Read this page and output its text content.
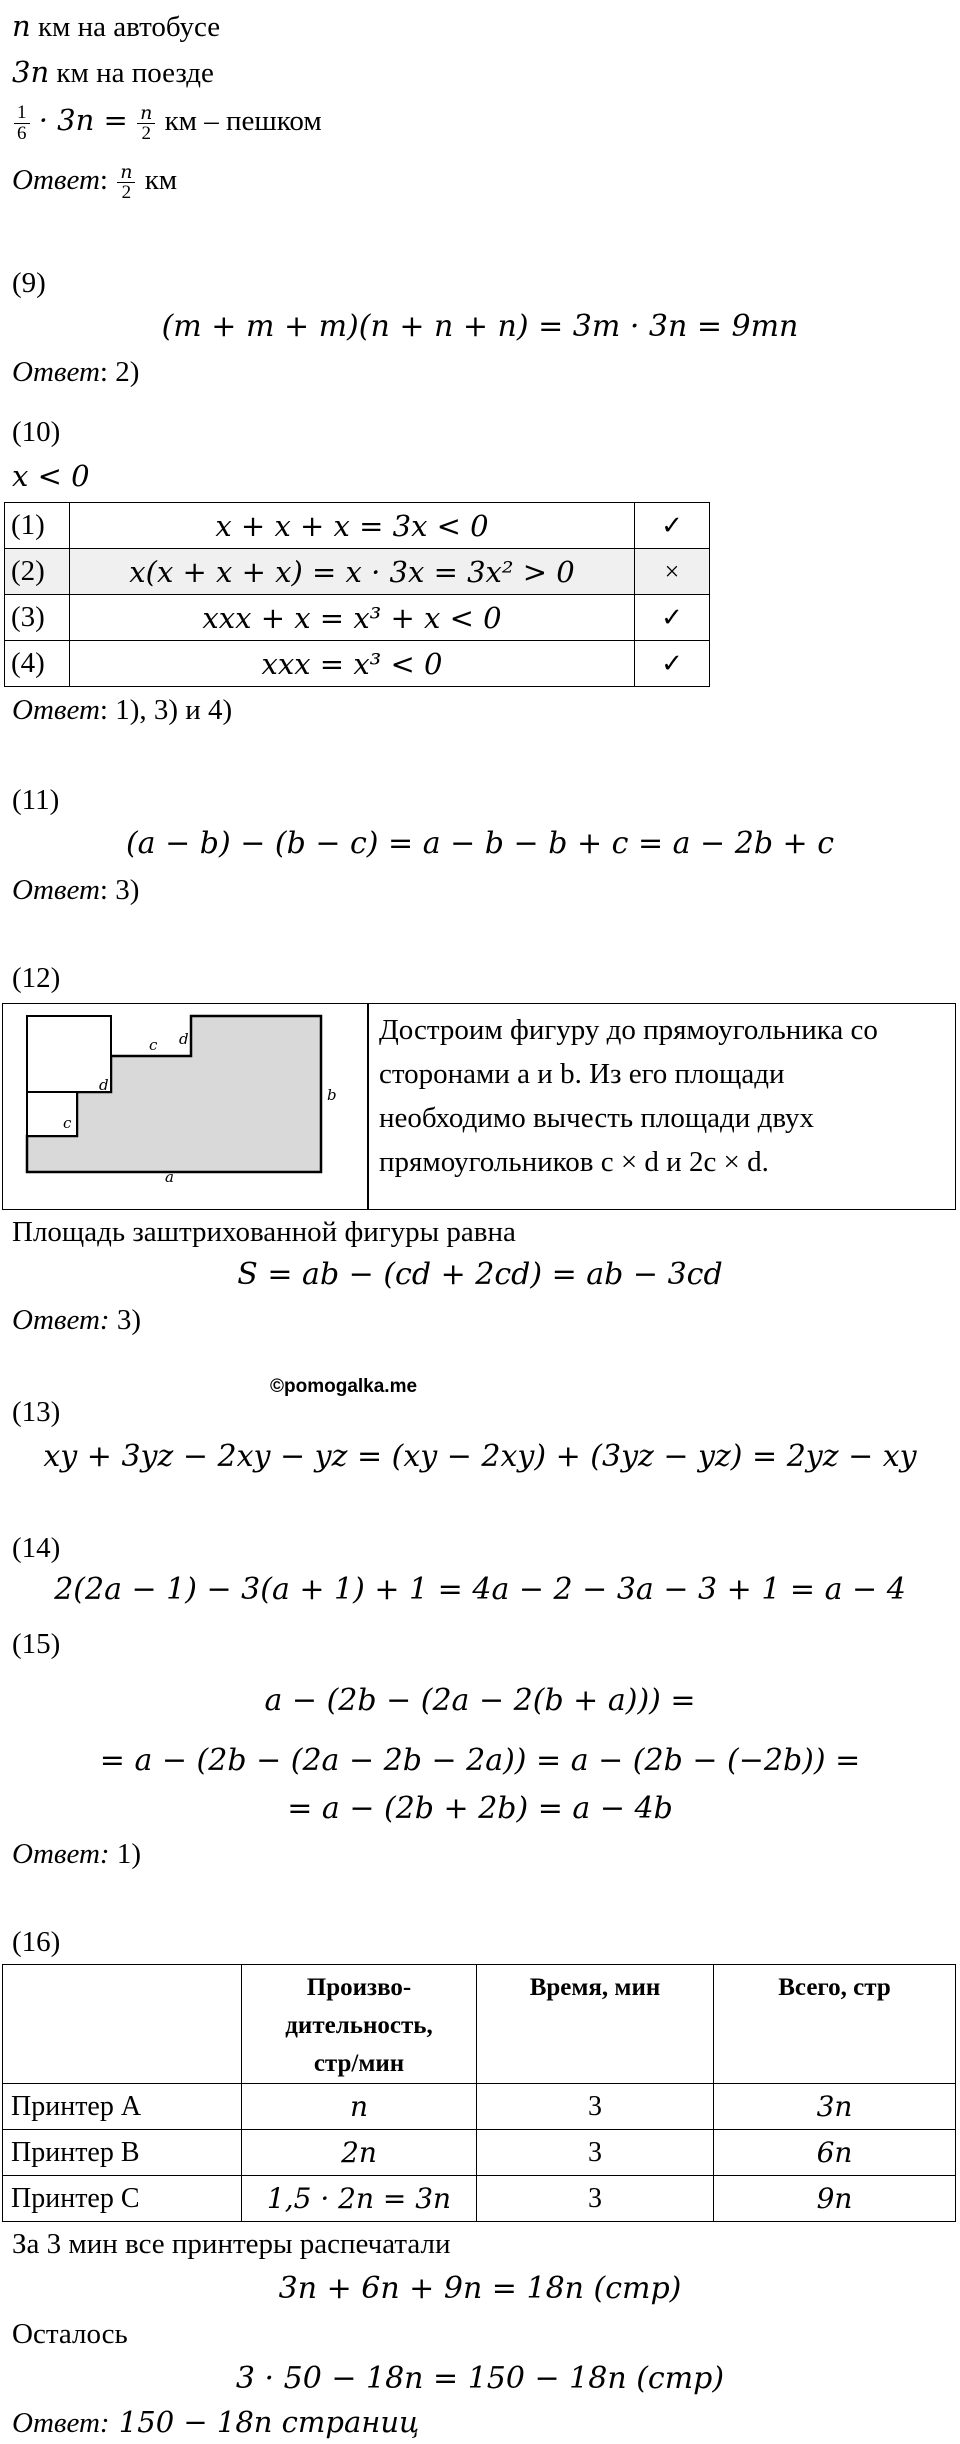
n км на автобусе
3n км на поезде
$\frac{1}{6} \cdot 3n = \frac{n}{2}$ км – пешком
Ответ: $\frac{n}{2}$ км
(9)
(m + m + m)(n + n + n) = 3m · 3n = 9mn
Ответ: 2)
(10)
x < 0
(1)	x + x + x = 3x < 0	✓
(2)	x(x + x + x) = x · 3x = 3x² > 0	×
(3)	xxx + x = x³ + x < 0	✓
(4)	xxx = x³ < 0	✓
Ответ: 1), 3) и 4)
(11)
(a − b) − (b − c) = a − b − b + c = a − 2b + c
Ответ: 3)
(12)
a
b
c d
c
d
Достроим фигуру до прямоугольника со
сторонами a и b. Из его площади
необходимо вычесть площади двух
прямоугольников c × d и 2c × d.
Площадь заштрихованной фигуры равна
S = ab − (cd + 2cd) = ab − 3cd
Ответ: 3)
©pomogalka.me
(13)
xy + 3yz − 2xy − yz = (xy − 2xy) + (3yz − yz) = 2yz − xy
(14)
2(2a − 1) − 3(a + 1) + 1 = 4a − 2 − 3a − 3 + 1 = a − 4
(15)
a − (2b − (2a − 2(b + a))) =
= a − (2b − (2a − 2b − 2a)) = a − (2b − (−2b)) =
= a − (2b + 2b) = a − 4b
Ответ: 1)
(16)
	Произво-
дительность,
стр/мин	Время, мин	Всего, стр
Принтер А	n	3	3n
Принтер В	2n	3	6n
Принтер С	1,5 · 2n = 3n	3	9n
За 3 мин все принтеры распечатали
3n + 6n + 9n = 18n (стр)
Осталось
3 · 50 − 18n = 150 − 18n (стр)
Ответ: 150 − 18n страниц
